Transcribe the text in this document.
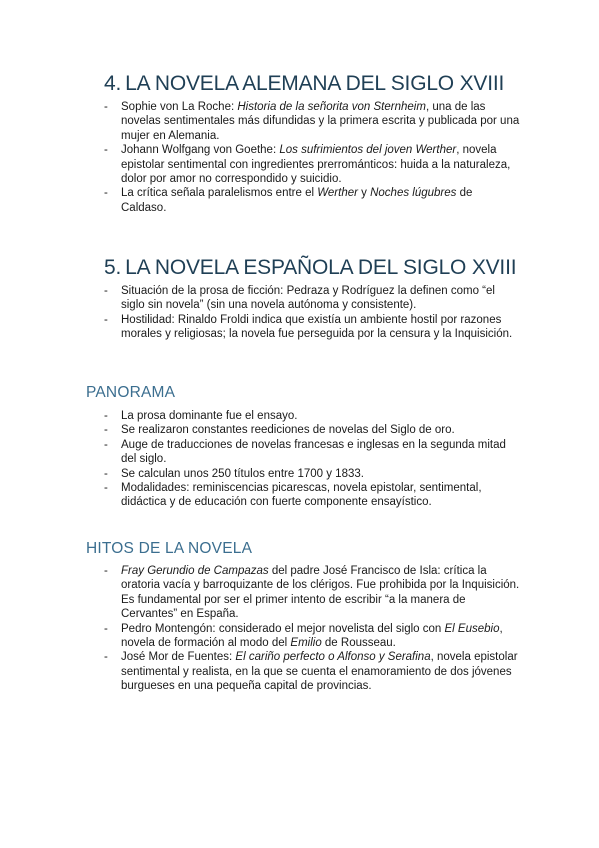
4. LA NOVELA ALEMANA DEL SIGLO XVIII
- Sophie von La Roche: Historia de la señorita von Sternheim, una de las novelas sentimentales más difundidas y la primera escrita y publicada por una mujer en Alemania.
- Johann Wolfgang von Goethe: Los sufrimientos del joven Werther, novela epistolar sentimental con ingredientes prerrománticos: huida a la naturaleza, dolor por amor no correspondido y suicidio.
- La crítica señala paralelismos entre el Werther y Noches lúgubres de Caldaso.
5. LA NOVELA ESPAÑOLA DEL SIGLO XVIII
- Situación de la prosa de ficción: Pedraza y Rodríguez la definen como “el siglo sin novela” (sin una novela autónoma y consistente).
- Hostilidad: Rinaldo Froldi indica que existía un ambiente hostil por razones morales y religiosas; la novela fue perseguida por la censura y la Inquisición.
PANORAMA
- La prosa dominante fue el ensayo.
- Se realizaron constantes reediciones de novelas del Siglo de oro.
- Auge de traducciones de novelas francesas e inglesas en la segunda mitad del siglo.
- Se calculan unos 250 títulos entre 1700 y 1833.
- Modalidades: reminiscencias picarescas, novela epistolar, sentimental, didáctica y de educación con fuerte componente ensayístico.
HITOS DE LA NOVELA
- Fray Gerundio de Campazas del padre José Francisco de Isla: crítica la oratoria vacía y barroquizante de los clérigos. Fue prohibida por la Inquisición. Es fundamental por ser el primer intento de escribir “a la manera de Cervantes” en España.
- Pedro Montengón: considerado el mejor novelista del siglo con El Eusebio, novela de formación al modo del Emilio de Rousseau.
- José Mor de Fuentes: El cariño perfecto o Alfonso y Serafina, novela epistolar sentimental y realista, en la que se cuenta el enamoramiento de dos jóvenes burgueses en una pequeña capital de provincias.
